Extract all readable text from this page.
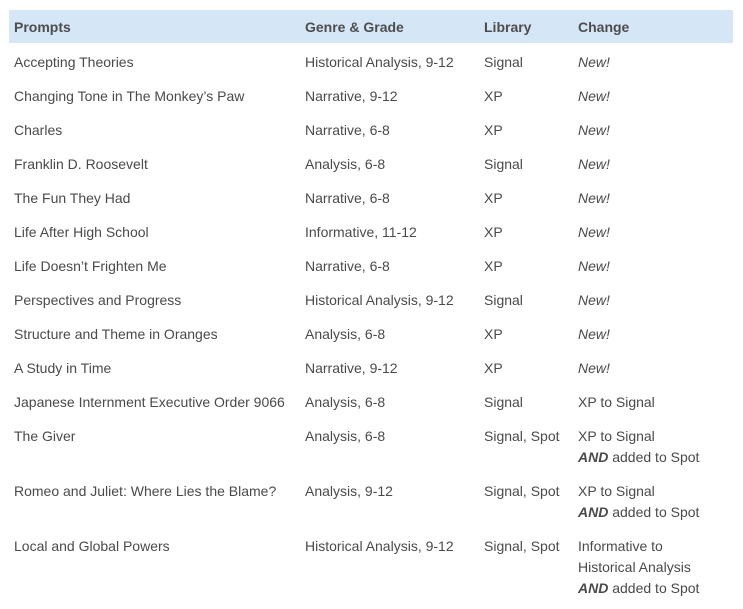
Prompts	Genre & Grade	Library	Change
Accepting Theories	Historical Analysis, 9-12	Signal	New!

Changing Tone in The Monkey’s Paw	Narrative, 9-12	XP	New!

Charles	Narrative, 6-8	XP	New!

Franklin D. Roosevelt	Analysis, 6-8	Signal	New!

The Fun They Had	Narrative, 6-8	XP	New!

Life After High School	Informative, 11-12	XP	New!

Life Doesn’t Frighten Me	Narrative, 6-8	XP	New!

Perspectives and Progress	Historical Analysis, 9-12	Signal	New!

Structure and Theme in Oranges	Analysis, 6-8	XP	New!

A Study in Time	Narrative, 9-12	XP	New!

Japanese Internment Executive Order 9066	Analysis, 6-8	Signal	XP to Signal

The Giver	Analysis, 6-8	Signal, Spot	XP to Signal
AND added to Spot

Romeo and Juliet: Where Lies the Blame?	Analysis, 9-12	Signal, Spot	XP to Signal
AND added to Spot

Local and Global Powers	Historical Analysis, 9-12	Signal, Spot	Informative to
Historical Analysis
AND added to Spot
